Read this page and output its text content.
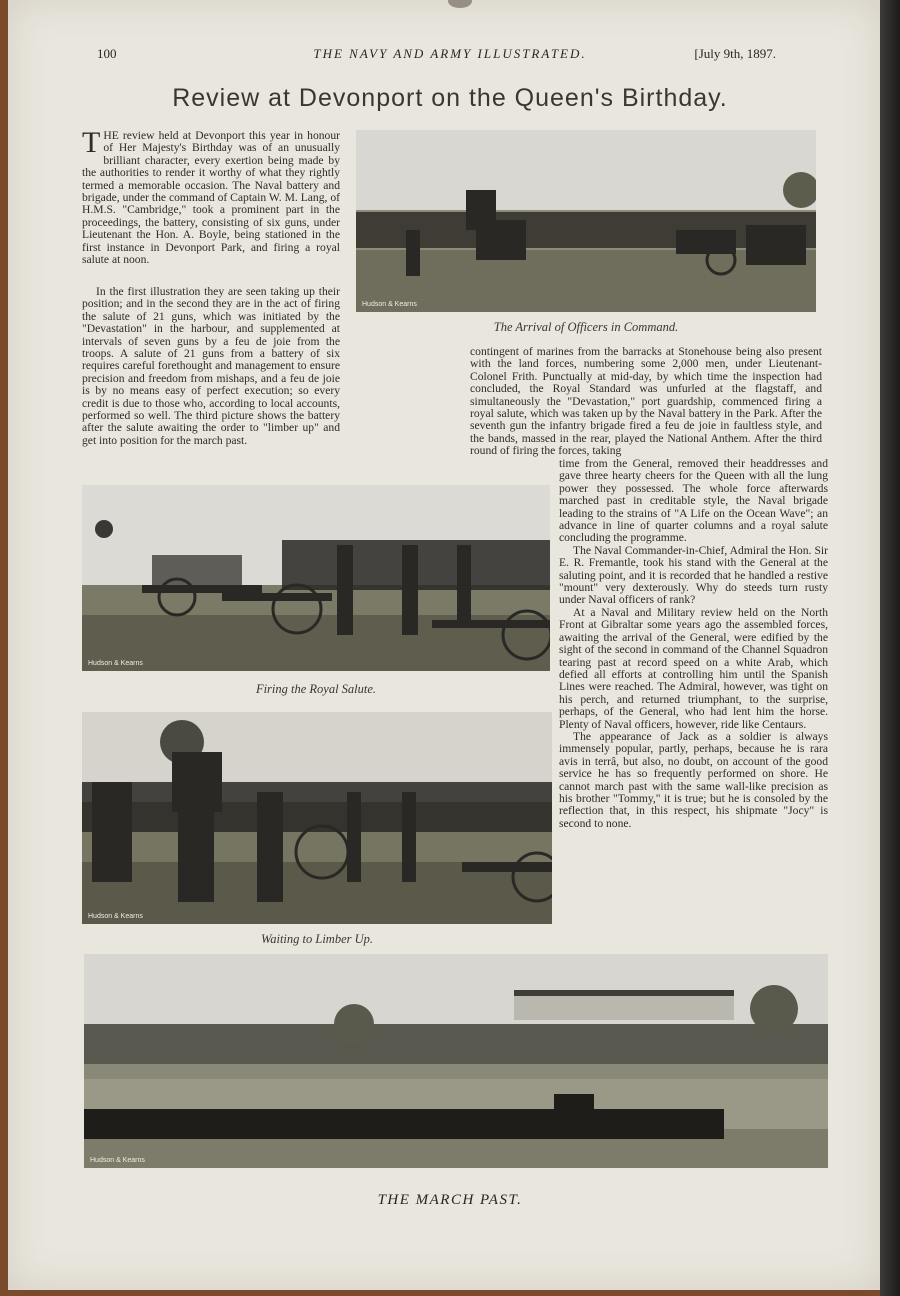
100	THE NAVY AND ARMY ILLUSTRATED.	[July 9th, 1897.
Review at Devonport on the Queen's Birthday.

THE review held at Devonport this year in honour of Her Majesty's Birthday was of an unusually brilliant character, every exertion being made by the authorities to render it worthy of what they rightly termed a memorable occasion. The Naval battery and brigade, under the command of Captain W. M. Lang, of H.M.S. "Cambridge," took a prominent part in the proceedings, the battery, consisting of six guns, under Lieutenant the Hon. A. Boyle, being stationed in the first instance in Devonport Park, and firing a royal salute at noon.

In the first illustration they are seen taking up their position; and in the second they are in the act of firing the salute of 21 guns, which was initiated by the "Devastation" in the harbour, and supplemented at intervals of seven guns by a feu de joie from the troops. A salute of 21 guns from a battery of six requires careful forethought and management to ensure precision and freedom from mishaps, and a feu de joie is by no means easy of perfect execution; so every credit is due to those who, according to local accounts, performed so well. The third picture shows the battery after the salute awaiting the order to "limber up" and get into position for the march past.

Hudson & Kearns
The Arrival of Officers in Command.

contingent of marines from the barracks at Stonehouse being also present with the land forces, numbering some 2,000 men, under Lieutenant-Colonel Frith. Punctually at mid-day, by which time the inspection had concluded, the Royal Standard was unfurled at the flagstaff, and simultaneously the "Devastation," port guardship, commenced firing a royal salute, which was taken up by the Naval battery in the Park. After the seventh gun the infantry brigade fired a feu de joie in faultless style, and the bands, massed in the rear, played the National Anthem. After the third round of firing the forces, taking

Hudson & Kearns
Firing the Royal Salute.

time from the General, removed their headdresses and gave three hearty cheers for the Queen with all the lung power they possessed. The whole force afterwards marched past in creditable style, the Naval brigade leading to the strains of "A Life on the Ocean Wave"; an advance in line of quarter columns and a royal salute concluding the programme.

The Naval Commander-in-Chief, Admiral the Hon. Sir E. R. Fremantle, took his stand with the General at the saluting point, and it is recorded that he handled a restive "mount" very dexterously. Why do steeds turn rusty under Naval officers of rank?

At a Naval and Military review held on the North Front at Gibraltar some years ago the assembled forces, awaiting the arrival of the General, were edified by the sight of the second in command of the Channel Squadron tearing past at record speed on a white Arab, which defied all efforts at controlling him until the Spanish Lines were reached. The Admiral, however, was tight on his perch, and returned triumphant, to the surprise, perhaps, of the General, who had lent him the horse. Plenty of Naval officers, however, ride like Centaurs.

The appearance of Jack as a soldier is always immensely popular, partly, perhaps, because he is rara avis in terrâ, but also, no doubt, on account of the good service he has so frequently performed on shore. He cannot march past with the same wall-like precision as his brother "Tommy," it is true; but he is consoled by the reflection that, in this respect, his shipmate "Jocy" is second to none.

Hudson & Kearns
Waiting to Limber Up.
Hudson & Kearns
THE MARCH PAST.
